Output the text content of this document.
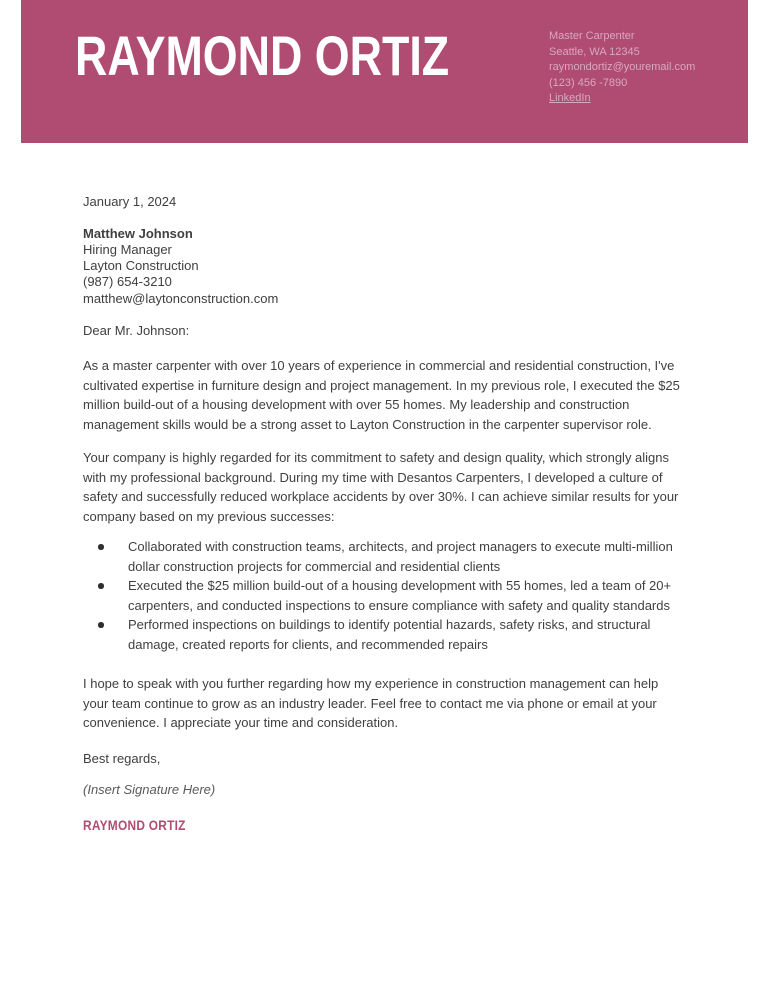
RAYMOND ORTIZ	Master Carpenter
Seattle, WA 12345
raymondortiz@youremail.com
(123) 456 -7890
LinkedIn
January 1, 2024
Matthew Johnson
Hiring Manager
Layton Construction
(987) 654-3210
matthew@laytonconstruction.com
Dear Mr. Johnson:

As a master carpenter with over 10 years of experience in commercial and residential construction, I've cultivated expertise in furniture design and project management. In my previous role, I executed the $25 million build-out of a housing development with over 55 homes. My leadership and construction management skills would be a strong asset to Layton Construction in the carpenter supervisor role.

Your company is highly regarded for its commitment to safety and design quality, which strongly aligns with my professional background. During my time with Desantos Carpenters, I developed a culture of safety and successfully reduced workplace accidents by over 30%. I can achieve similar results for your company based on my previous successes:

Collaborated with construction teams, architects, and project managers to execute multi-million dollar construction projects for commercial and residential clients
Executed the $25 million build-out of a housing development with 55 homes, led a team of 20+ carpenters, and conducted inspections to ensure compliance with safety and quality standards
Performed inspections on buildings to identify potential hazards, safety risks, and structural damage, created reports for clients, and recommended repairs

I hope to speak with you further regarding how my experience in construction management can help your team continue to grow as an industry leader. Feel free to contact me via phone or email at your convenience. I appreciate your time and consideration.

Best regards,
(Insert Signature Here)
RAYMOND ORTIZ
